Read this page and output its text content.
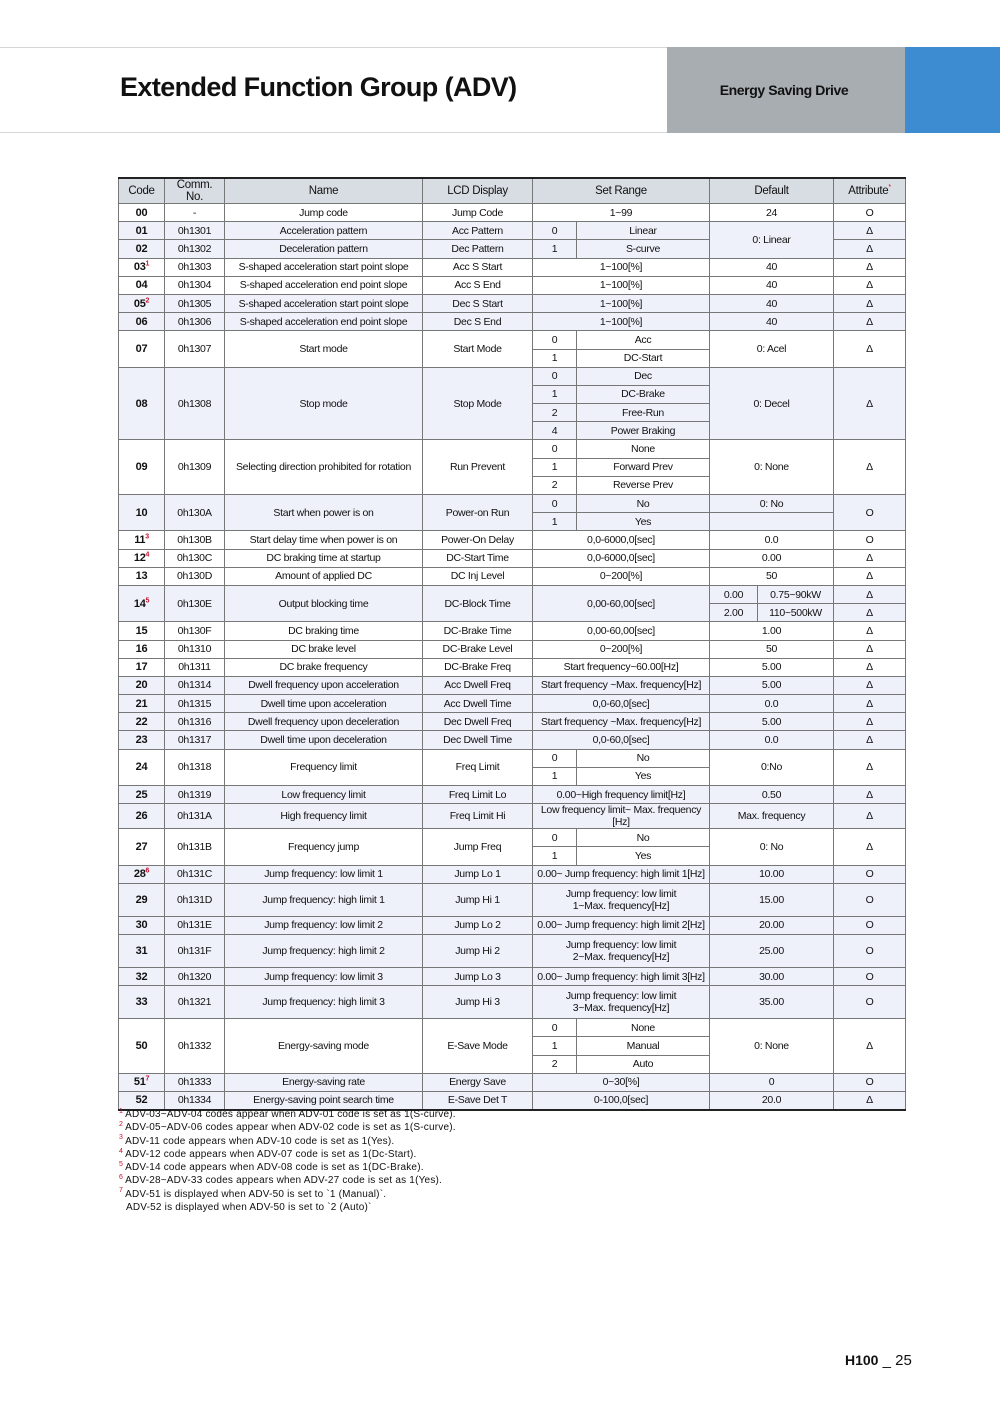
Extended Function Group (ADV)	Energy Saving Drive
Code	Comm. No.	Name	LCD Display	Set Range		Default		Attribute*
00	-	Jump code	Jump Code	1~99		24		O
01	0h1301	Acceleration pattern	Acc Pattern	0	Linear	0: Linear		Δ
02	0h1302	Deceleration pattern	Dec Pattern	1	S-curve			Δ
$03^1$	0h1303	S-shaped acceleration start point slope	Acc S Start	1~100[%]		40		Δ
04	0h1304	S-shaped acceleration end point slope	Acc S End	1~100[%]		40		Δ
$05^2$	0h1305	S-shaped acceleration start point slope	Dec S Start	1~100[%]		40		Δ
06	0h1306	S-shaped acceleration end point slope	Dec S End	1~100[%]		40		Δ
07	0h1307	Start mode	Start Mode	0	Acc	0: Acel		Δ
				1	DC-Start			
08	0h1308	Stop mode	Stop Mode	0	Dec	0: Decel		Δ
				1	DC-Brake			
				2	Free-Run			
				4	Power Braking			
09	0h1309	Selecting direction prohibited for rotation	Run Prevent	0	None	0: None		Δ
				1	Forward Prev			
				2	Reverse Prev			
10	0h130A	Start when power is on	Power-on Run	0	No	0: No		O
				1	Yes			
$11^3$	0h130B	Start delay time when power is on	Power-On Delay	0,0-6000,0[sec]		0.0		O
$12^4$	0h130C	DC braking time at startup	DC-Start Time	0,0-6000,0[sec]		0.00		Δ
13	0h130D	Amount of applied DC	DC Inj Level	0~200[%]		50		Δ
$14^5$	0h130E	Output blocking time	DC-Block Time	0,00-60,00[sec]		0.00	0.75~90kW	Δ
						2.00	110~500kW	Δ
15	0h130F	DC braking time	DC-Brake Time	0,00-60,00[sec]		1.00		Δ
16	0h1310	DC brake level	DC-Brake Level	0~200[%]		50		Δ
17	0h1311	DC brake frequency	DC-Brake Freq	Start frequency~60.00[Hz]		5.00		Δ
20	0h1314	Dwell frequency upon acceleration	Acc Dwell Freq	Start frequency ~Max. frequency[Hz]		5.00		Δ
21	0h1315	Dwell time upon acceleration	Acc Dwell Time	0,0-60,0[sec]		0.0		Δ
22	0h1316	Dwell frequency upon deceleration	Dec Dwell Freq	Start frequency ~Max. frequency[Hz]		5.00		Δ
23	0h1317	Dwell time upon deceleration	Dec Dwell Time	0,0-60,0[sec]		0.0		Δ
24	0h1318	Frequency limit	Freq Limit	0	No	0:No		Δ
				1	Yes			
25	0h1319	Low frequency limit	Freq Limit Lo	0.00~High frequency limit[Hz]		0.50		Δ
26	0h131A	High frequency limit	Freq Limit Hi	Low frequency limit~ Max. frequency [Hz]		Max. frequency		Δ
27	0h131B	Frequency jump	Jump Freq	0	No	0: No		Δ
				1	Yes			
$28^6$	0h131C	Jump frequency: low limit 1	Jump Lo 1	0.00~ Jump frequency: high limit 1[Hz]		10.00		O
29	0h131D	Jump frequency: high limit 1	Jump Hi 1	Jump frequency: low limit 1~Max. frequency[Hz]		15.00		O
30	0h131E	Jump frequency: low limit 2	Jump Lo 2	0.00~ Jump frequency: high limit 2[Hz]		20.00		O
31	0h131F	Jump frequency: high limit 2	Jump Hi 2	Jump frequency: low limit 2~Max. frequency[Hz]		25.00		O
32	0h1320	Jump frequency: low limit 3	Jump Lo 3	0.00~ Jump frequency: high limit 3[Hz]		30.00		O
33	0h1321	Jump frequency: high limit 3	Jump Hi 3	Jump frequency: low limit 3~Max. frequency[Hz]		35.00		O
50	0h1332	Energy-saving mode	E-Save Mode	0	None	0: None		Δ
				1	Manual			
				2	Auto			
$51^7$	0h1333	Energy-saving rate	Energy Save	0~30[%]		0		O
52	0h1334	Energy-saving point search time	E-Save Det T	0-100,0[sec]		20.0		Δ
$^1$ ADV-03~ADV-04 codes appear when ADV-01 code is set as 1(S-curve).
$^2$ ADV-05~ADV-06 codes appear when ADV-02 code is set as 1(S-curve).
$^3$ ADV-11 code appears when ADV-10 code is set as 1(Yes).
$^4$ ADV-12 code appears when ADV-07 code is set as 1(Dc-Start).
$^5$ ADV-14 code appears when ADV-08 code is set as 1(DC-Brake).
$^6$ ADV-28~ADV-33 codes appears when ADV-27 code is set as 1(Yes).
$^7$ ADV-51 is displayed when ADV-50 is set to `1 (Manual)`.
ADV-52 is displayed when ADV-50 is set to `2 (Auto)`
H100 _ 25
